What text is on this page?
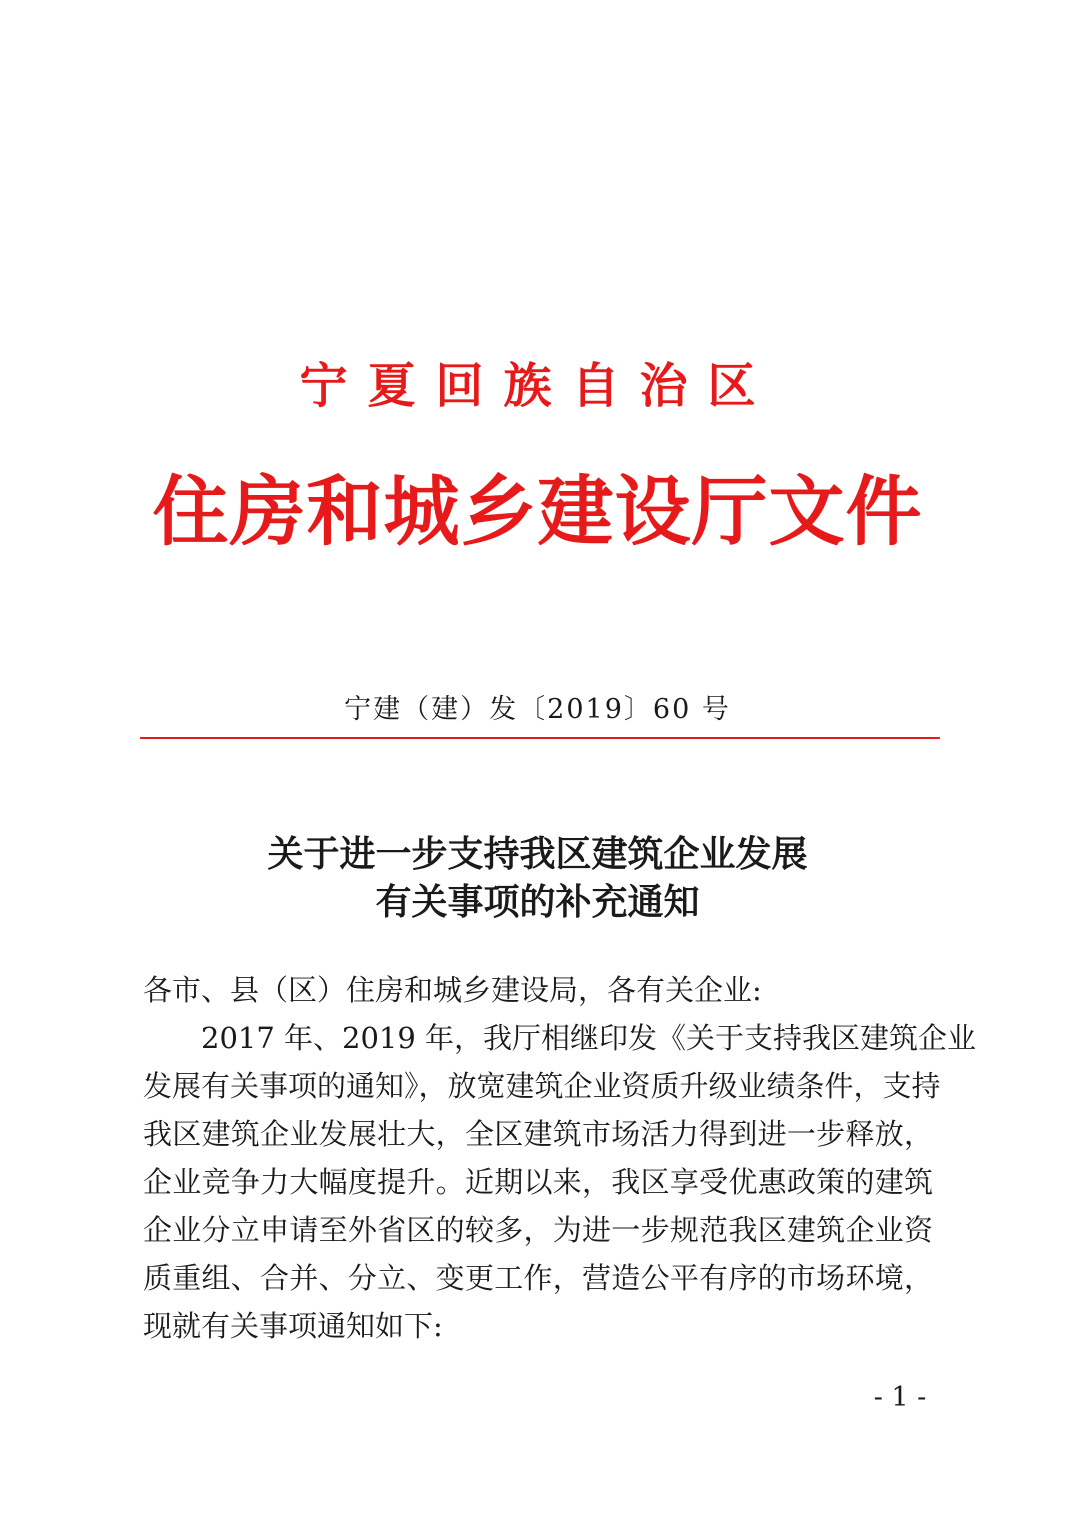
宁夏回族自治区
住房和城乡建设厅文件
宁建（建）发〔2019〕60 号
关于进一步支持我区建筑企业发展
有关事项的补充通知
各市、县（区）住房和城乡建设局，各有关企业:
2017 年、2019 年，我厅相继印发《关于支持我区建筑企业
发展有关事项的通知》，放宽建筑企业资质升级业绩条件，支持
我区建筑企业发展壮大，全区建筑市场活力得到进一步释放，
企业竞争力大幅度提升。近期以来，我区享受优惠政策的建筑
企业分立申请至外省区的较多，为进一步规范我区建筑企业资
质重组、合并、分立、变更工作，营造公平有序的市场环境，
现就有关事项通知如下:
- 1 -
